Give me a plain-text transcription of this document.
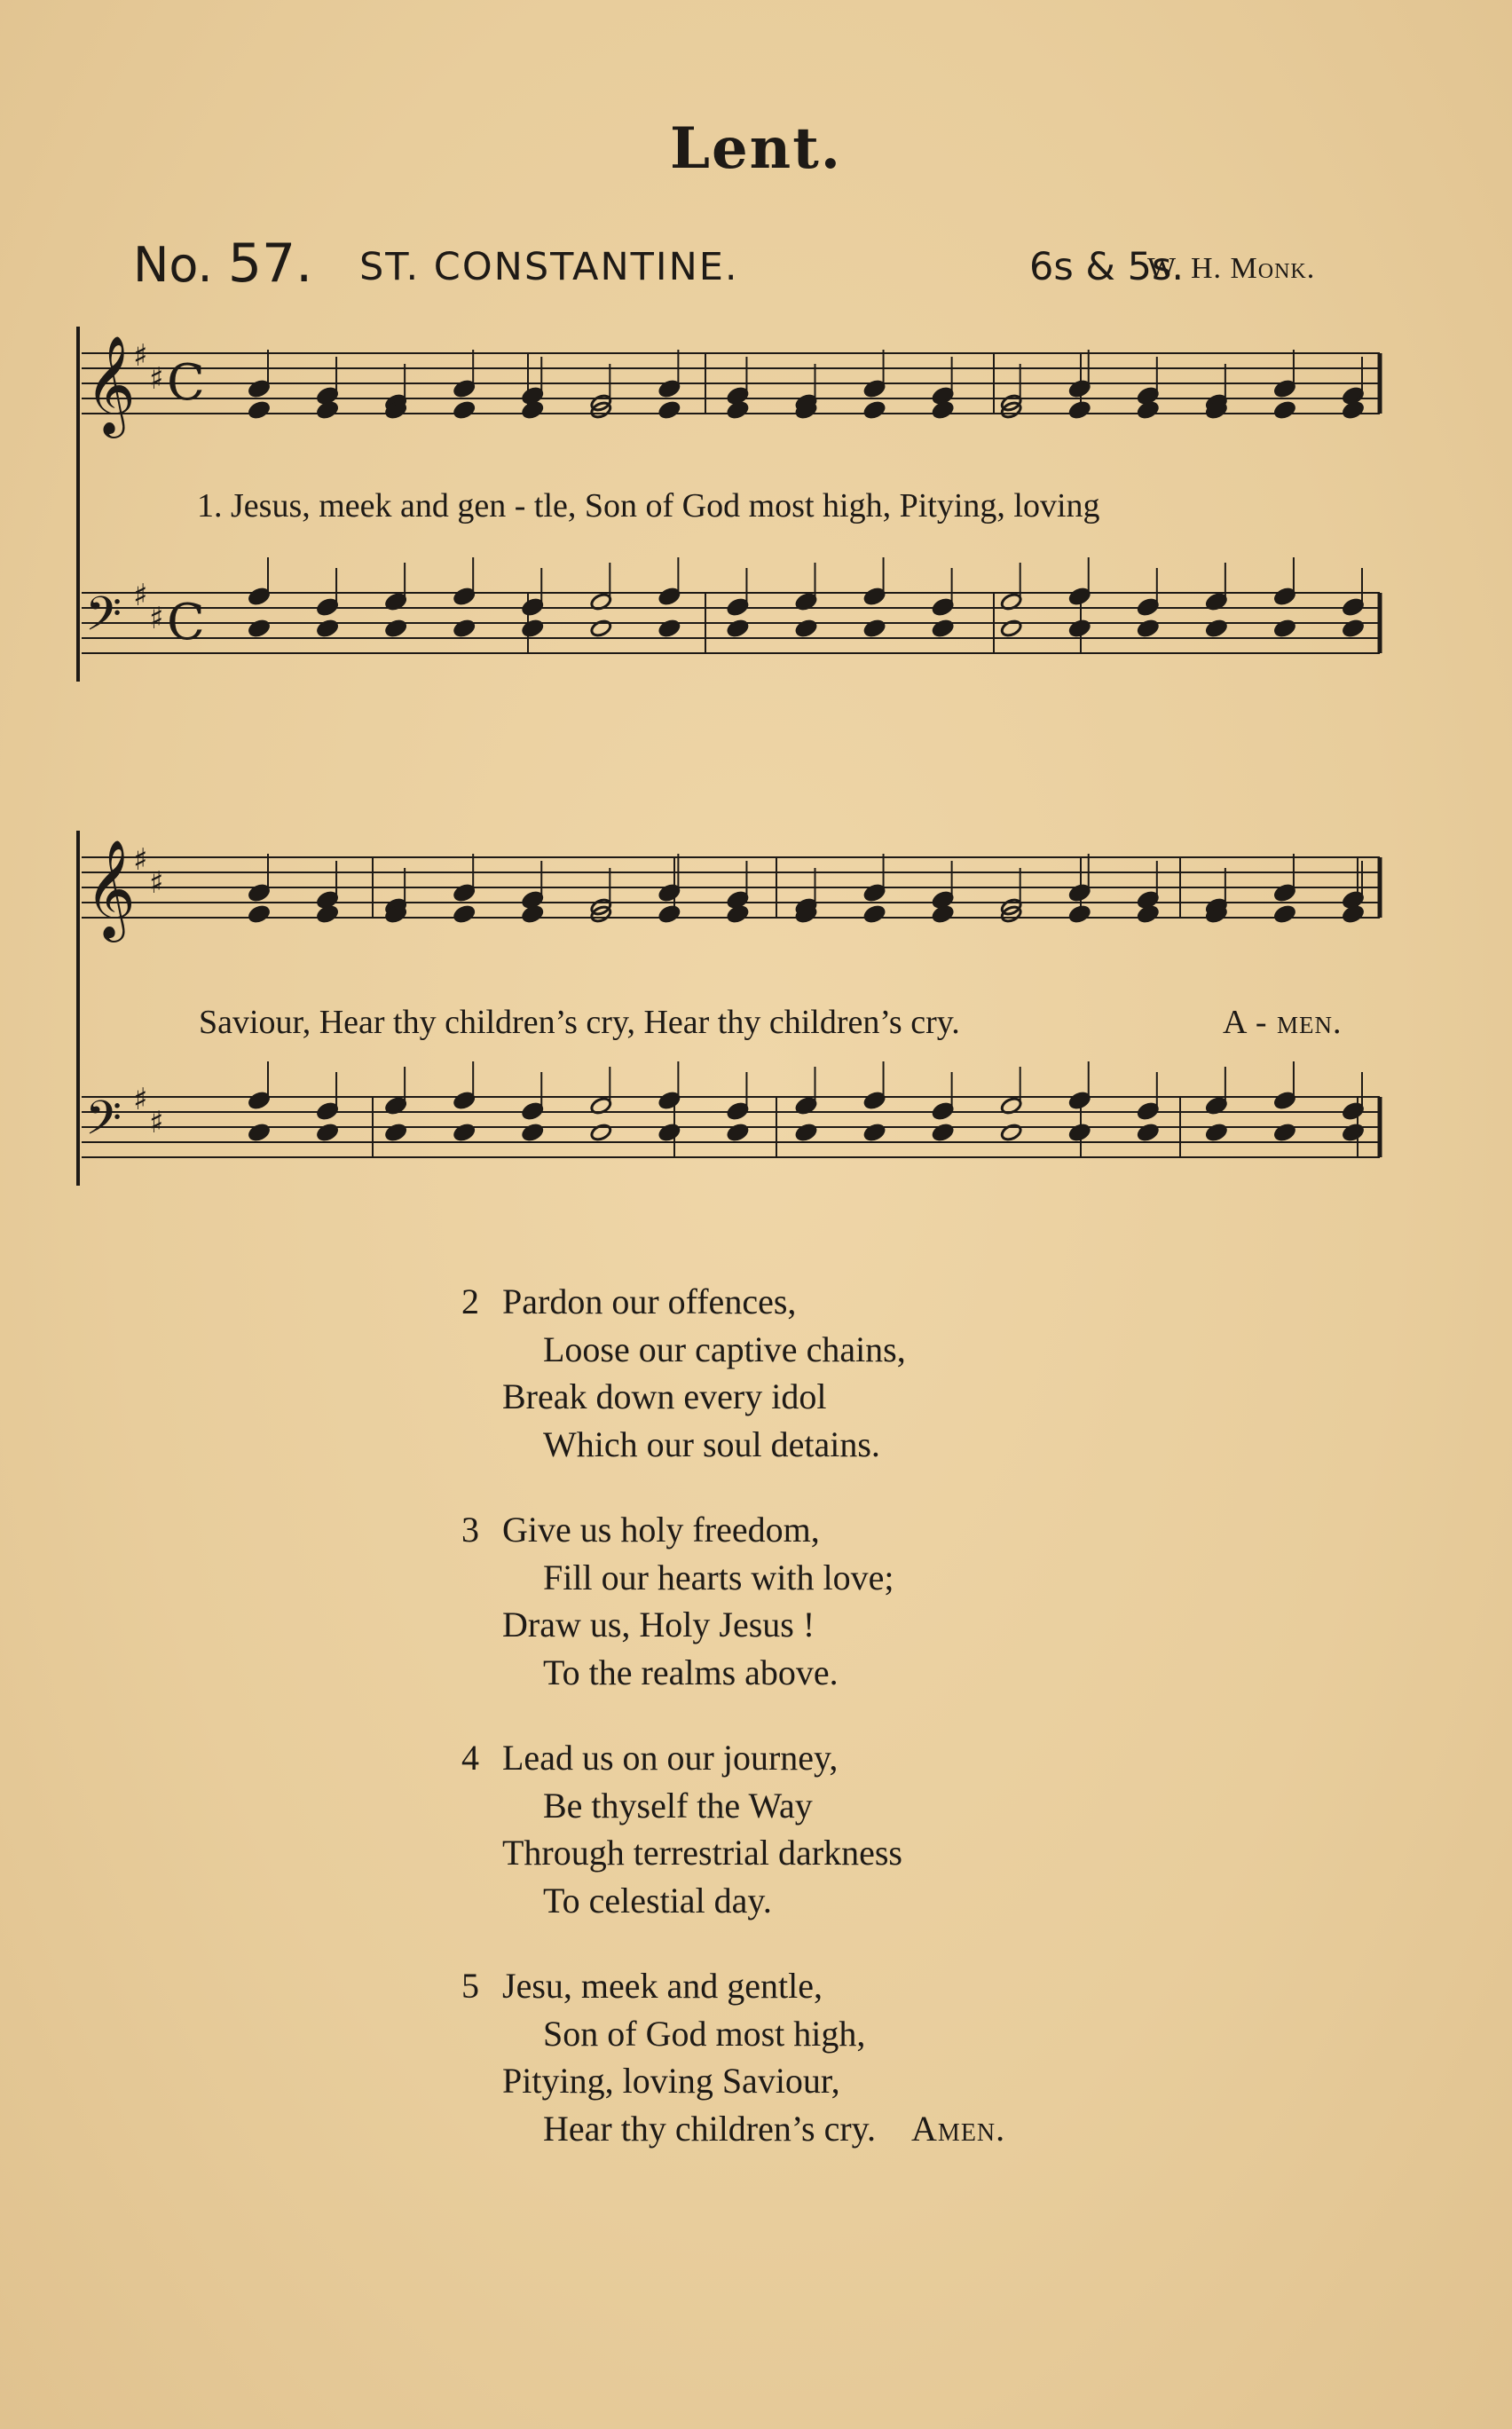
Lent.
No. 57. ST. CONSTANTINE.	6s & 5s.
W. H. Monk.
𝄞
♯
♯ C
𝄢 ♯
♯ C
𝄞
♯
♯
𝄢 ♯
♯
1. Jesus, meek and gen - tle, Son of God most high, Pitying, loving
Saviour, Hear thy children’s cry, Hear thy children’s cry.	A - men.
2 Pardon our offences,
Loose our captive chains,
Break down every idol
Which our soul detains.
3 Give us holy freedom,
Fill our hearts with love;
Draw us, Holy Jesus !
To the realms above.
4 Lead us on our journey,
Be thyself the Way
Through terrestrial darkness
To celestial day.
5 Jesu, meek and gentle,
Son of God most high,
Pitying, loving Saviour,
Hear thy children’s cry. Amen.
